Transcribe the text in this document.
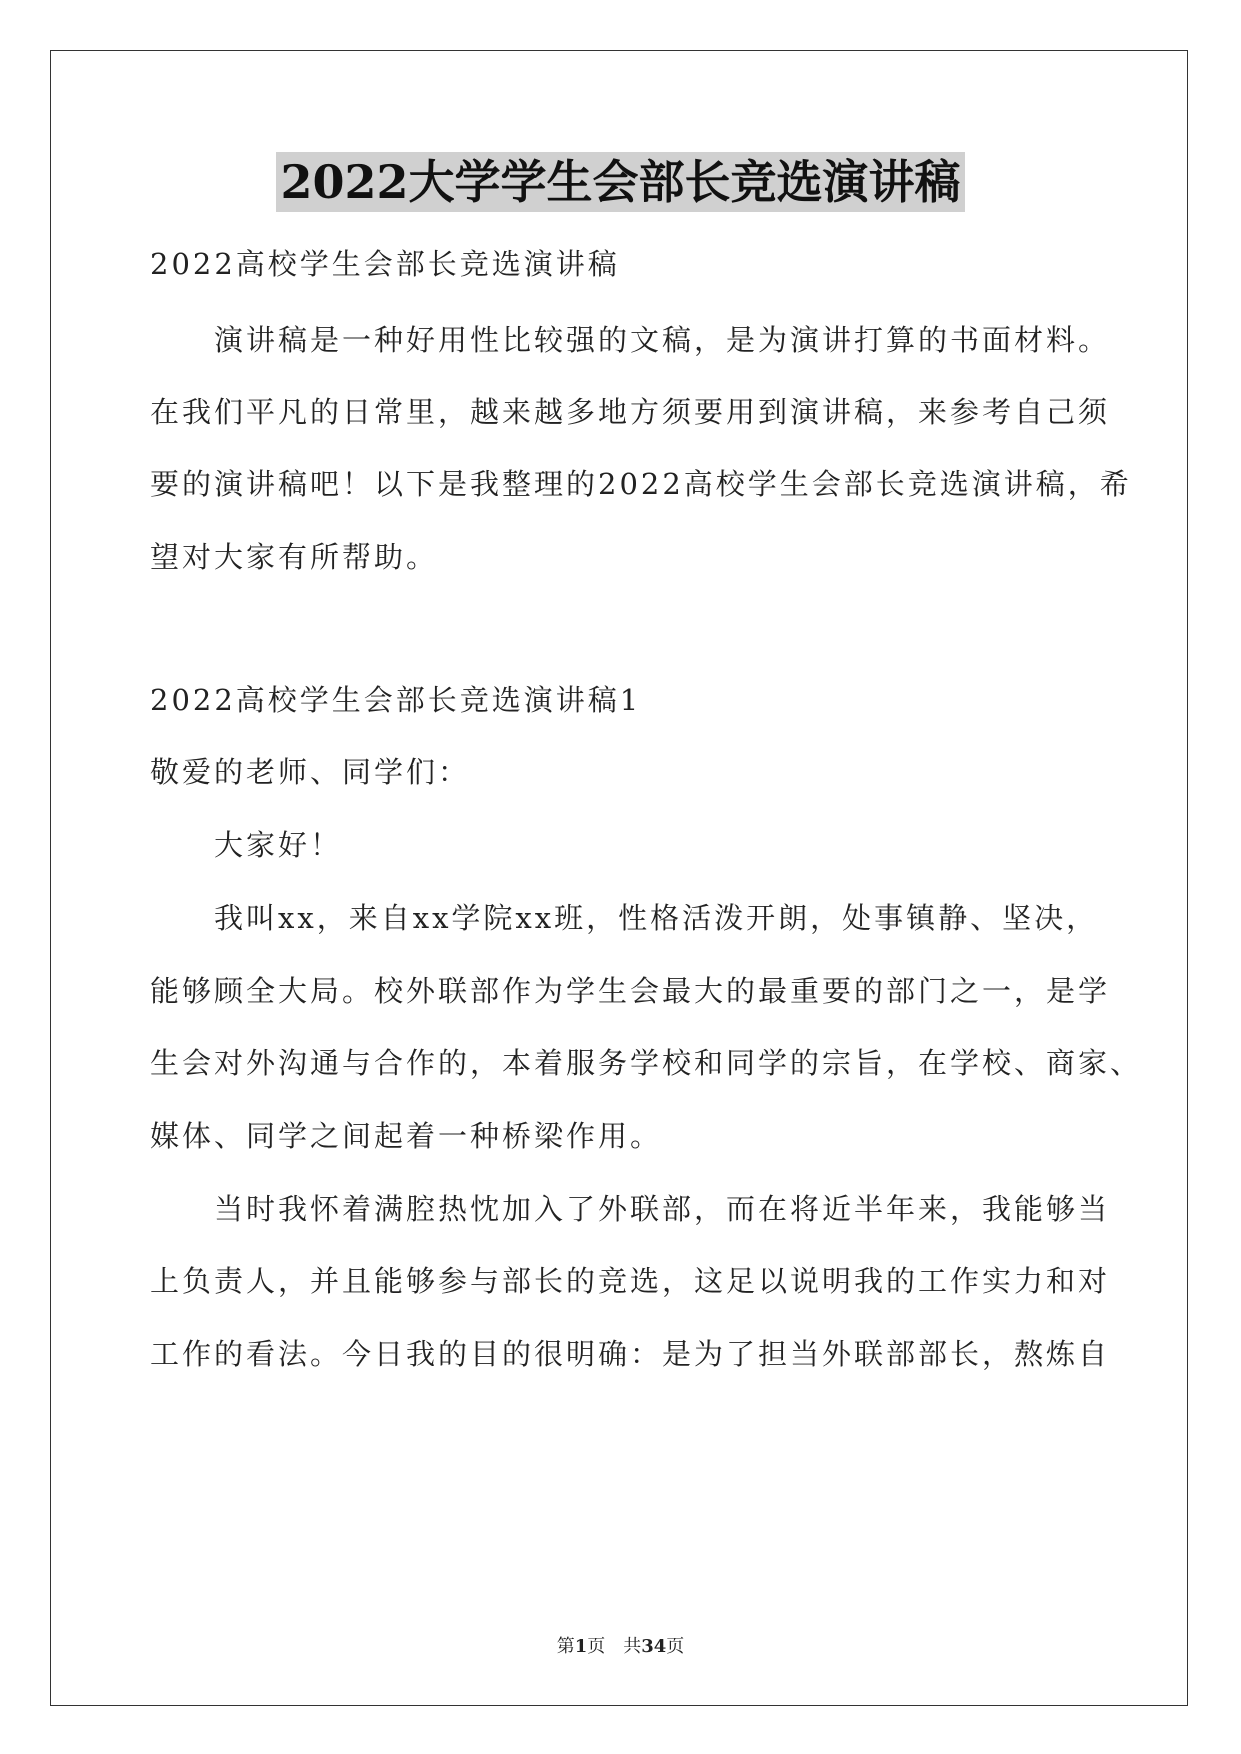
2022大学学生会部长竞选演讲稿
2022高校学生会部长竞选演讲稿
演讲稿是一种好用性比较强的文稿，是为演讲打算的书面材料。
在我们平凡的日常里，越来越多地方须要用到演讲稿，来参考自己须
要的演讲稿吧！以下是我整理的2022高校学生会部长竞选演讲稿，希
望对大家有所帮助。
2022高校学生会部长竞选演讲稿1
敬爱的老师、同学们：
大家好！
我叫xx，来自xx学院xx班，性格活泼开朗，处事镇静、坚决，
能够顾全大局。校外联部作为学生会最大的最重要的部门之一，是学
生会对外沟通与合作的，本着服务学校和同学的宗旨，在学校、商家、
媒体、同学之间起着一种桥梁作用。
当时我怀着满腔热忱加入了外联部，而在将近半年来，我能够当
上负责人，并且能够参与部长的竞选，这足以说明我的工作实力和对
工作的看法。今日我的目的很明确：是为了担当外联部部长，熬炼自
第1页　共34页
